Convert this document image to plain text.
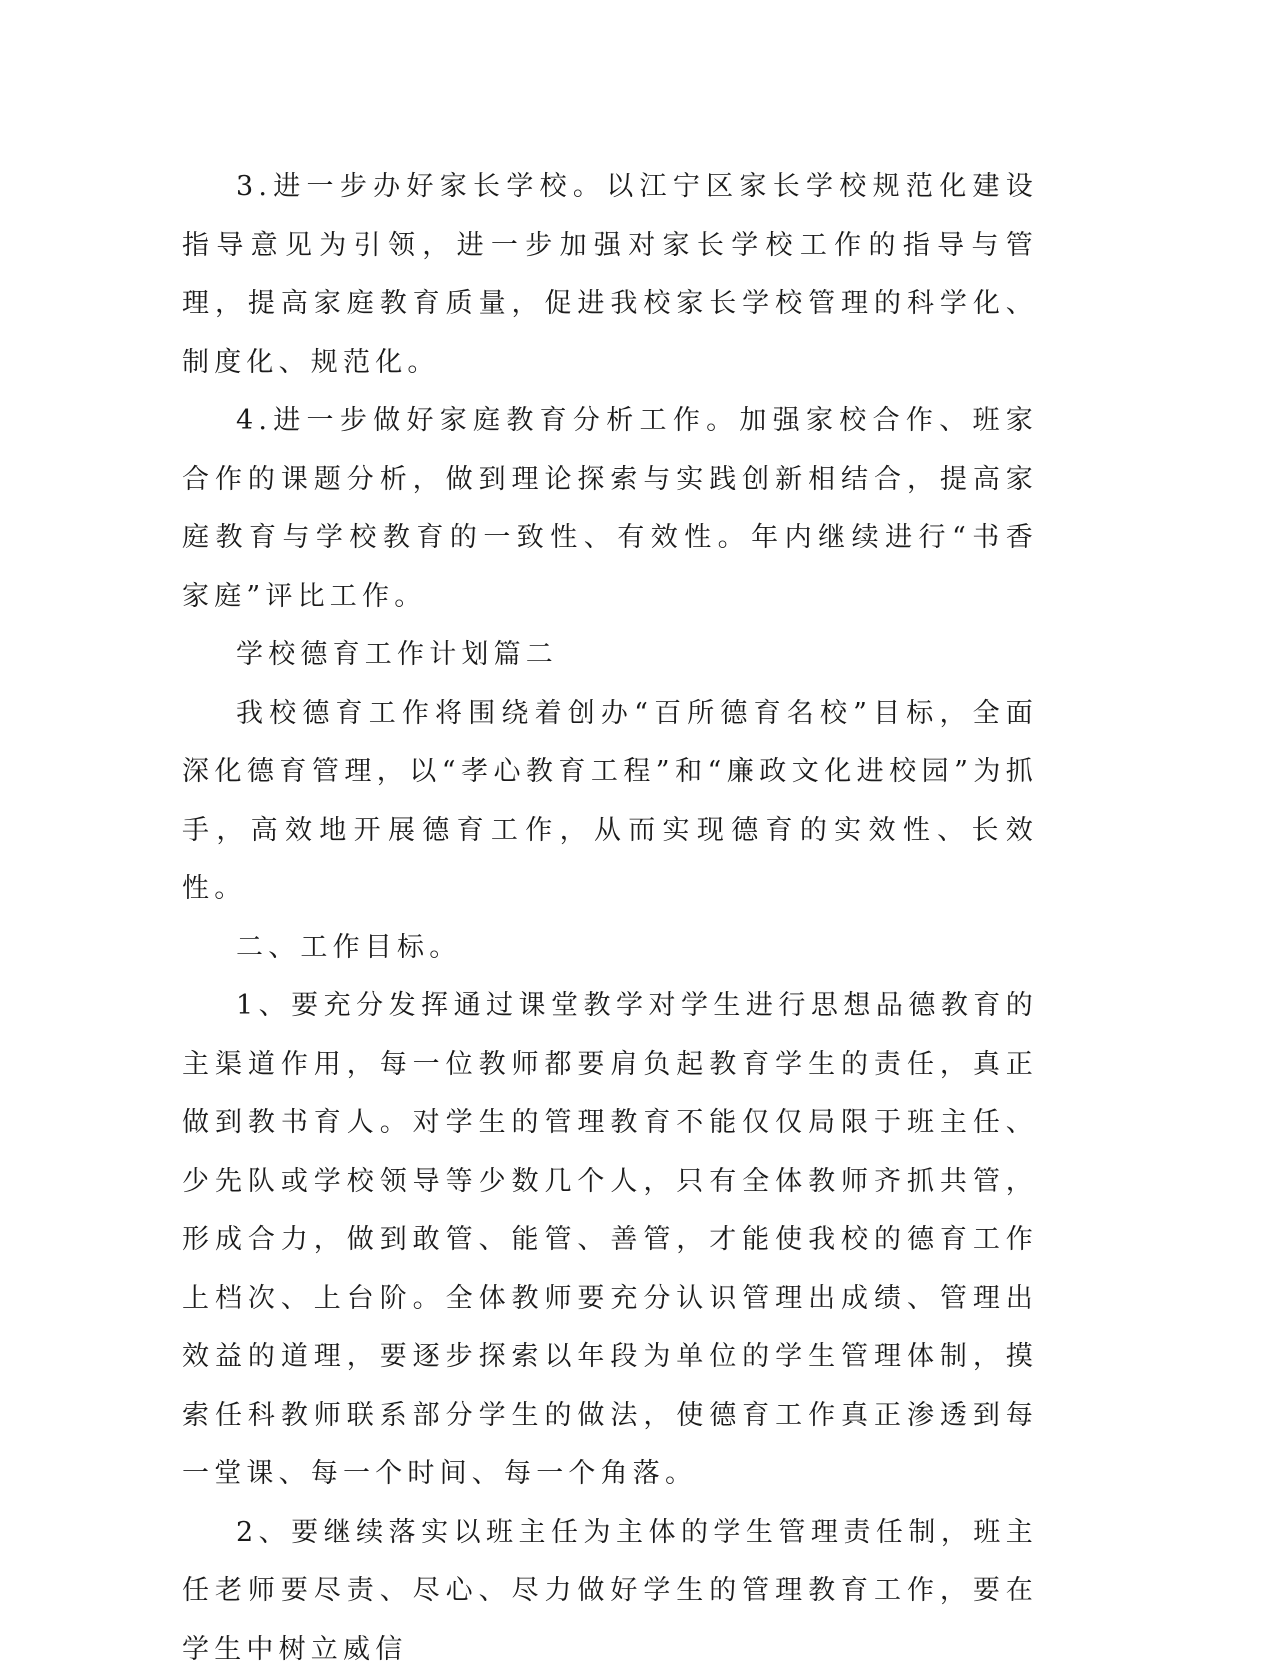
3.进一步办好家长学校。以江宁区家长学校规范化建设指导意见为引领，进一步加强对家长学校工作的指导与管理，提高家庭教育质量，促进我校家长学校管理的科学化、制度化、规范化。

4.进一步做好家庭教育分析工作。加强家校合作、班家合作的课题分析，做到理论探索与实践创新相结合，提高家庭教育与学校教育的一致性、有效性。年内继续进行“书香家庭”评比工作。

学校德育工作计划篇二

我校德育工作将围绕着创办“百所德育名校”目标，全面深化德育管理，以“孝心教育工程”和“廉政文化进校园”为抓手，高效地开展德育工作，从而实现德育的实效性、长效性。

二、工作目标。

1、要充分发挥通过课堂教学对学生进行思想品德教育的主渠道作用，每一位教师都要肩负起教育学生的责任，真正做到教书育人。对学生的管理教育不能仅仅局限于班主任、少先队或学校领导等少数几个人，只有全体教师齐抓共管，形成合力，做到敢管、能管、善管，才能使我校的德育工作上档次、上台阶。全体教师要充分认识管理出成绩、管理出效益的道理，要逐步探索以年段为单位的学生管理体制，摸索任科教师联系部分学生的做法，使德育工作真正渗透到每一堂课、每一个时间、每一个角落。

2、要继续落实以班主任为主体的学生管理责任制，班主任老师要尽责、尽心、尽力做好学生的管理教育工作，要在学生中树立威信
